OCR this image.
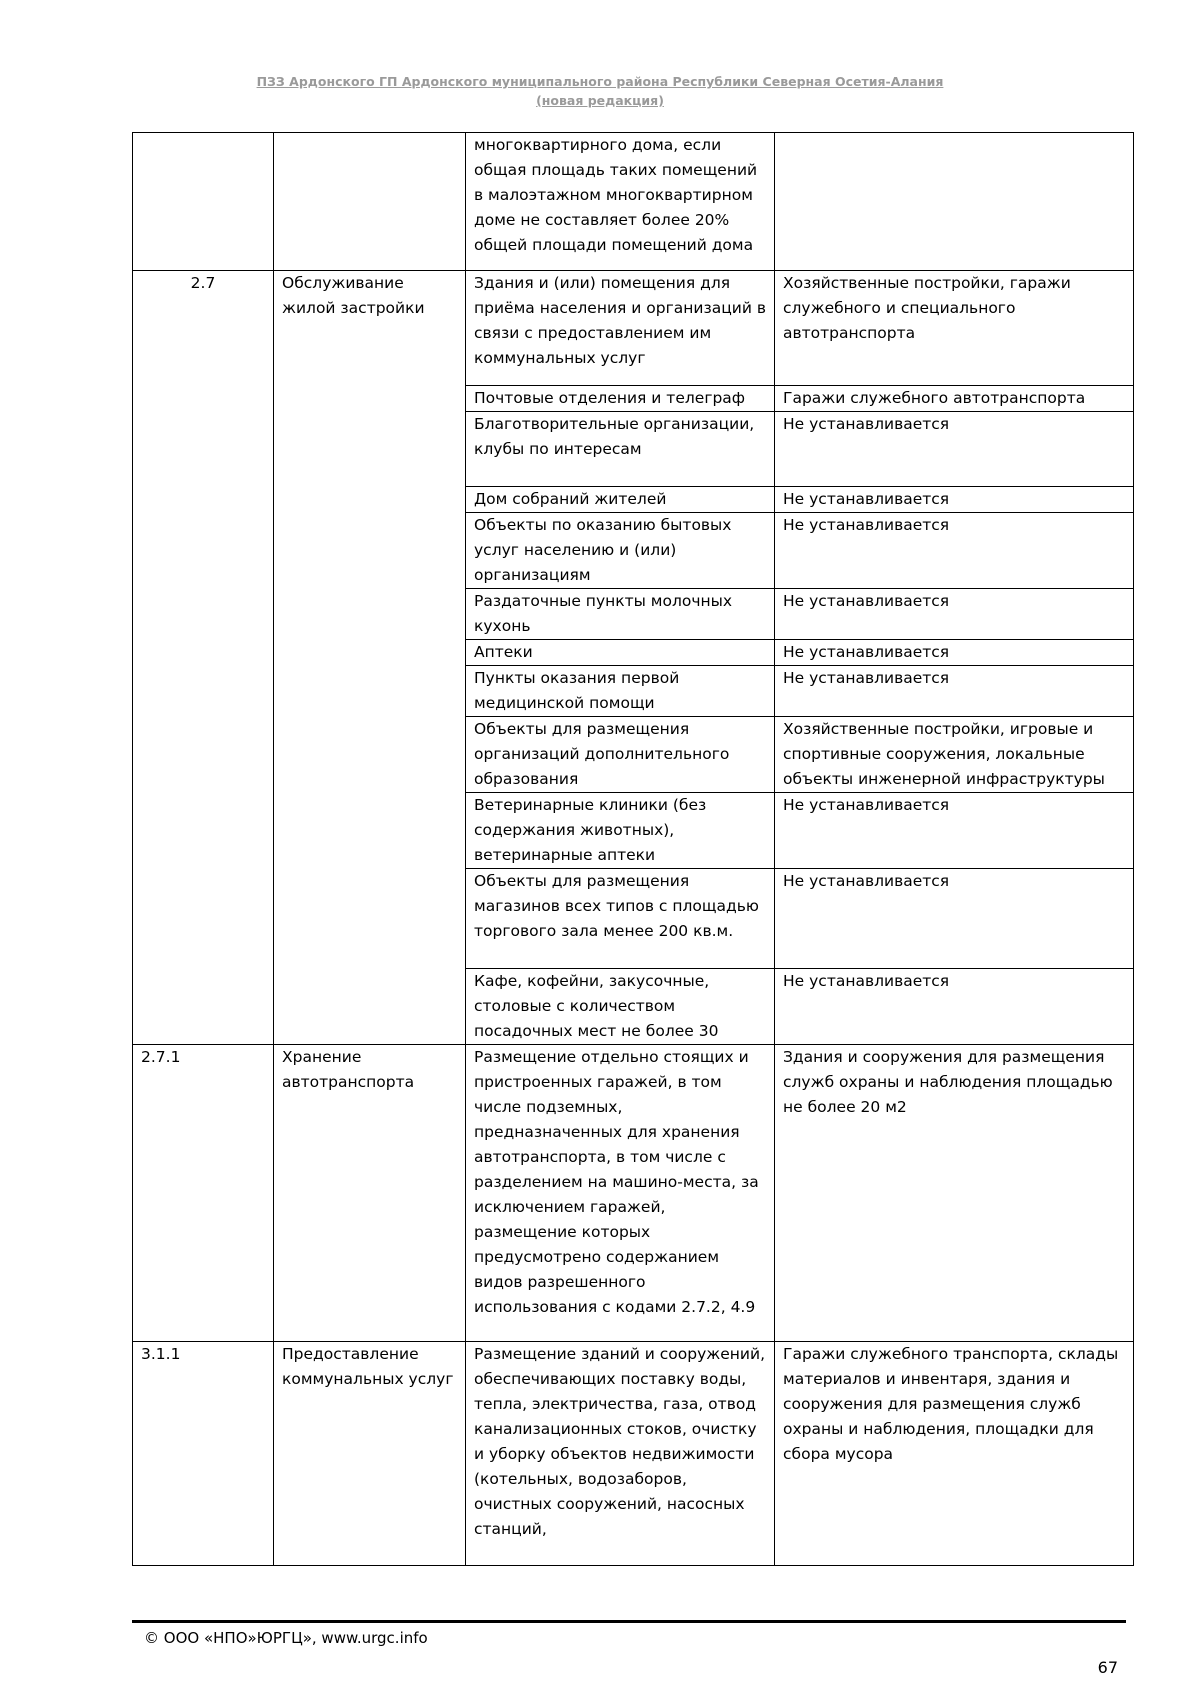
ПЗЗ Ардонского ГП Ардонского муниципального района Республики Северная Осетия-Алания
(новая редакция)
		многоквартирного дома, если общая площадь таких помещений в малоэтажном многоквартирном доме не составляет более 20% общей площади помещений дома	
2.7	Обслуживание жилой застройки	Здания и (или) помещения для приёма населения и организаций в связи с предоставлением им коммунальных услуг	Хозяйственные постройки, гаражи служебного и специального автотранспорта
		Почтовые отделения и телеграф	Гаражи служебного автотранспорта
		Благотворительные организации, клубы по интересам	Не устанавливается
		Дом собраний жителей	Не устанавливается
		Объекты по оказанию бытовых услуг населению и (или) организациям	Не устанавливается
		Раздаточные пункты молочных кухонь	Не устанавливается
		Аптеки	Не устанавливается
		Пункты оказания первой медицинской помощи	Не устанавливается
		Объекты для размещения организаций дополнительного образования	Хозяйственные постройки, игровые и спортивные сооружения, локальные объекты инженерной инфраструктуры
		Ветеринарные клиники (без содержания животных), ветеринарные аптеки	Не устанавливается
		Объекты для размещения магазинов всех типов с площадью торгового зала менее 200 кв.м.	Не устанавливается
		Кафе, кофейни, закусочные, столовые с количеством посадочных мест не более 30	Не устанавливается
2.7.1	Хранение автотранспорта	Размещение отдельно стоящих и пристроенных гаражей, в том числе подземных, предназначенных для хранения автотранспорта, в том числе с разделением на машино-места, за исключением гаражей, размещение которых предусмотрено содержанием видов разрешенного использования с кодами 2.7.2, 4.9	Здания и сооружения для размещения служб охраны и наблюдения площадью не более 20 м2
3.1.1	Предоставление коммунальных услуг	Размещение зданий и сооружений, обеспечивающих поставку воды, тепла, электричества, газа, отвод канализационных стоков, очистку и уборку объектов недвижимости (котельных, водозаборов, очистных сооружений, насосных станций,	Гаражи служебного транспорта, склады материалов и инвентаря, здания и сооружения для размещения служб охраны и наблюдения, площадки для сбора мусора
© ООО «НПО»ЮРГЦ», www.urgc.info
67
